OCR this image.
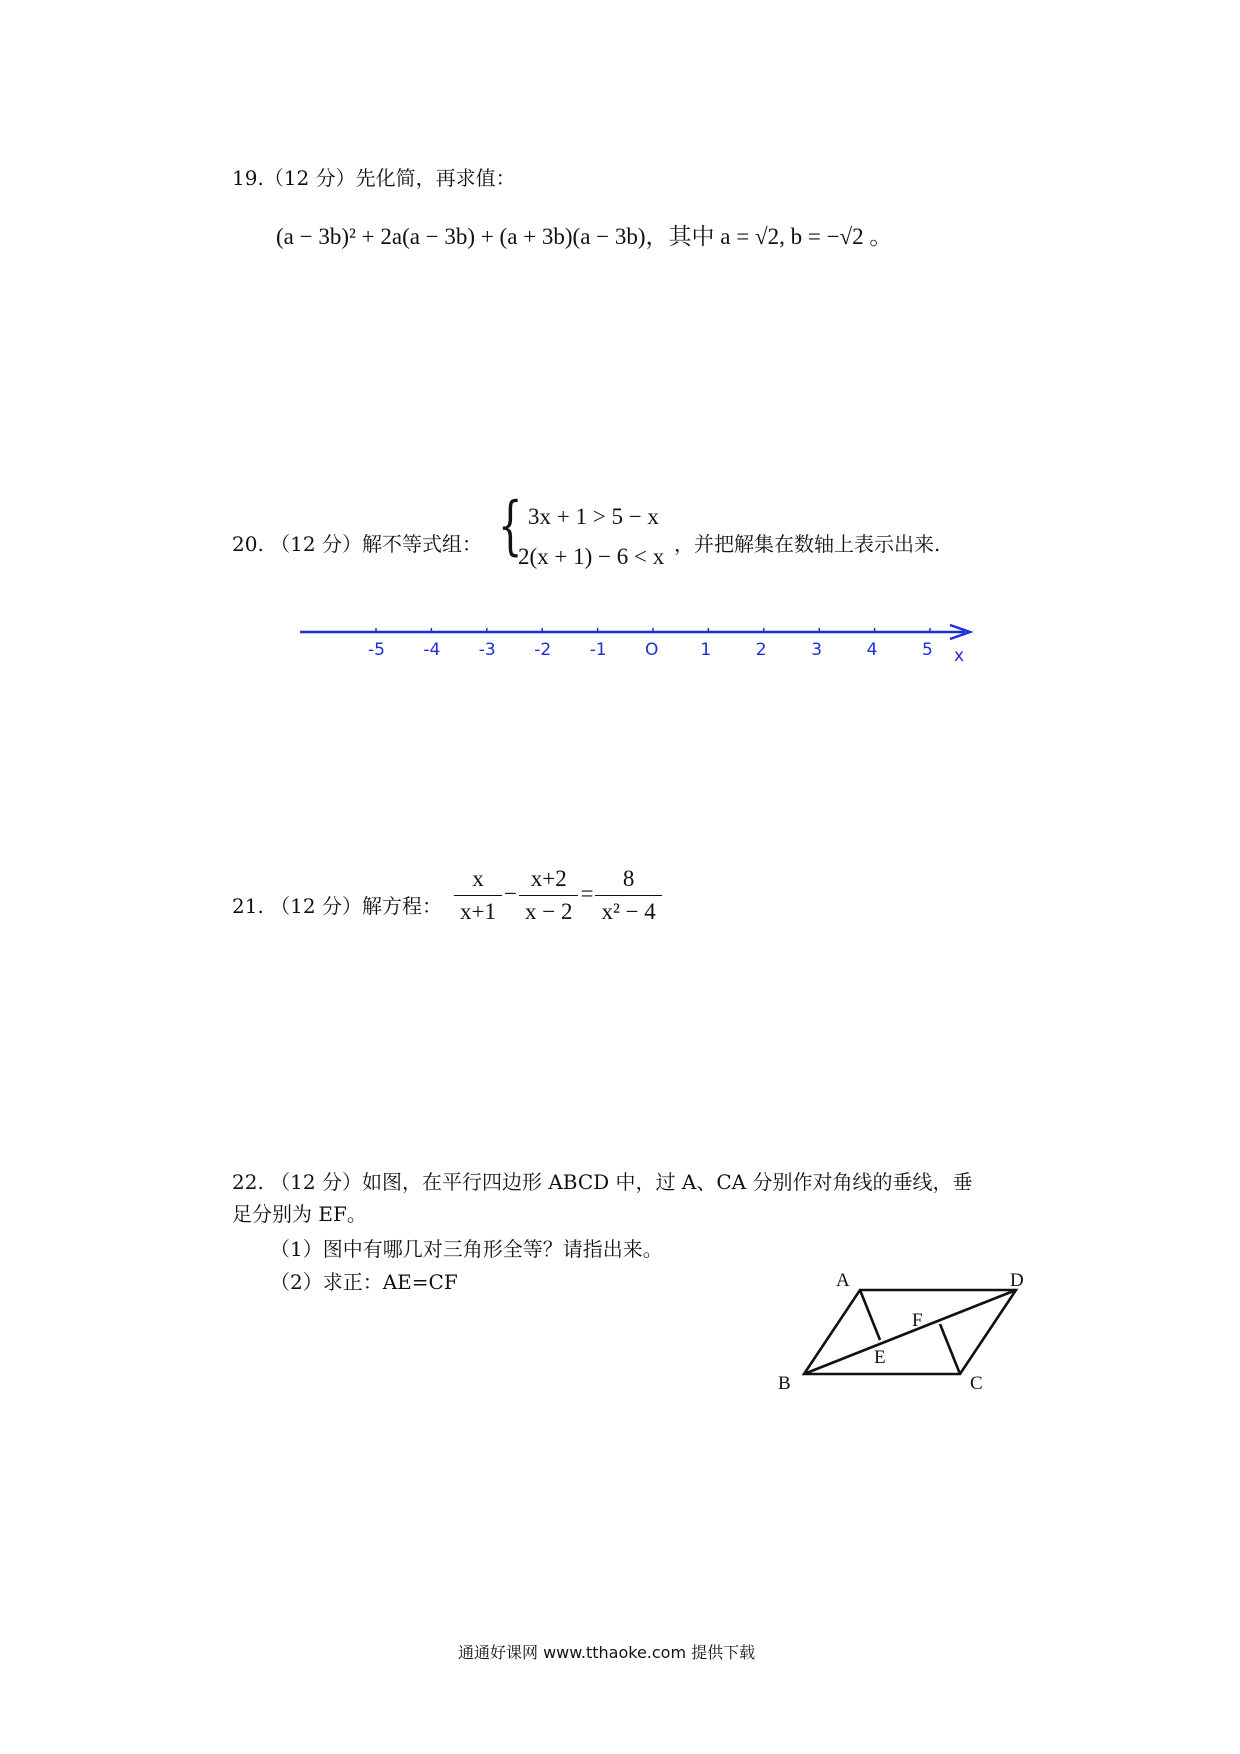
19.（12 分）先化简，再求值：
(a − 3b)² + 2a(a − 3b) + (a + 3b)(a − 3b)，其中 a = √2, b = −√2 。
20. （12 分）解不等式组： { 3x + 1 > 5 − x
2(x + 1) − 6 < x ，并把解集在数轴上表示出来.
-5 -4 -3 -2 -1 O 1	2	3	4	5 x
21. （12 分）解方程： $\frac{x}{x+1} - \frac{x+2}{x - 2} = \frac{8}{\text{x² − 4}}$
22. （12 分）如图，在平行四边形 ABCD 中，过 A、CA 分别作对角线的垂线，垂
足分别为 EF。
（1）图中有哪几对三角形全等？请指出来。
（2）求正：AE=CF	A	D
F
E
B	C
通通好课网 www.tthaoke.com 提供下载
